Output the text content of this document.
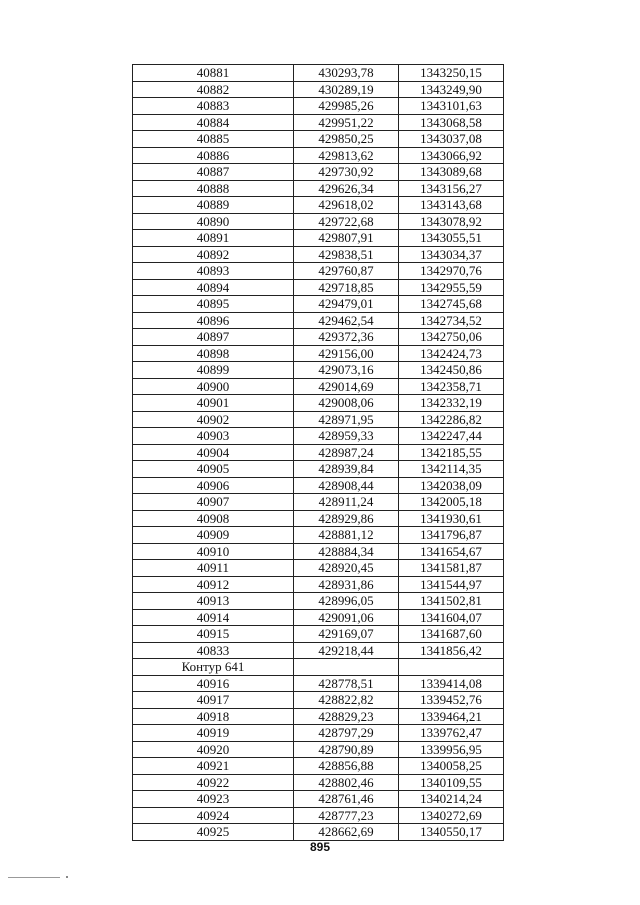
40881	430293,78	1343250,15
40882	430289,19	1343249,90
40883	429985,26	1343101,63
40884	429951,22	1343068,58
40885	429850,25	1343037,08
40886	429813,62	1343066,92
40887	429730,92	1343089,68
40888	429626,34	1343156,27
40889	429618,02	1343143,68
40890	429722,68	1343078,92
40891	429807,91	1343055,51
40892	429838,51	1343034,37
40893	429760,87	1342970,76
40894	429718,85	1342955,59
40895	429479,01	1342745,68
40896	429462,54	1342734,52
40897	429372,36	1342750,06
40898	429156,00	1342424,73
40899	429073,16	1342450,86
40900	429014,69	1342358,71
40901	429008,06	1342332,19
40902	428971,95	1342286,82
40903	428959,33	1342247,44
40904	428987,24	1342185,55
40905	428939,84	1342114,35
40906	428908,44	1342038,09
40907	428911,24	1342005,18
40908	428929,86	1341930,61
40909	428881,12	1341796,87
40910	428884,34	1341654,67
40911	428920,45	1341581,87
40912	428931,86	1341544,97
40913	428996,05	1341502,81
40914	429091,06	1341604,07
40915	429169,07	1341687,60
40833	429218,44	1341856,42
Контур 641		
40916	428778,51	1339414,08
40917	428822,82	1339452,76
40918	428829,23	1339464,21
40919	428797,29	1339762,47
40920	428790,89	1339956,95
40921	428856,88	1340058,25
40922	428802,46	1340109,55
40923	428761,46	1340214,24
40924	428777,23	1340272,69
40925	428662,69	1340550,17
895
